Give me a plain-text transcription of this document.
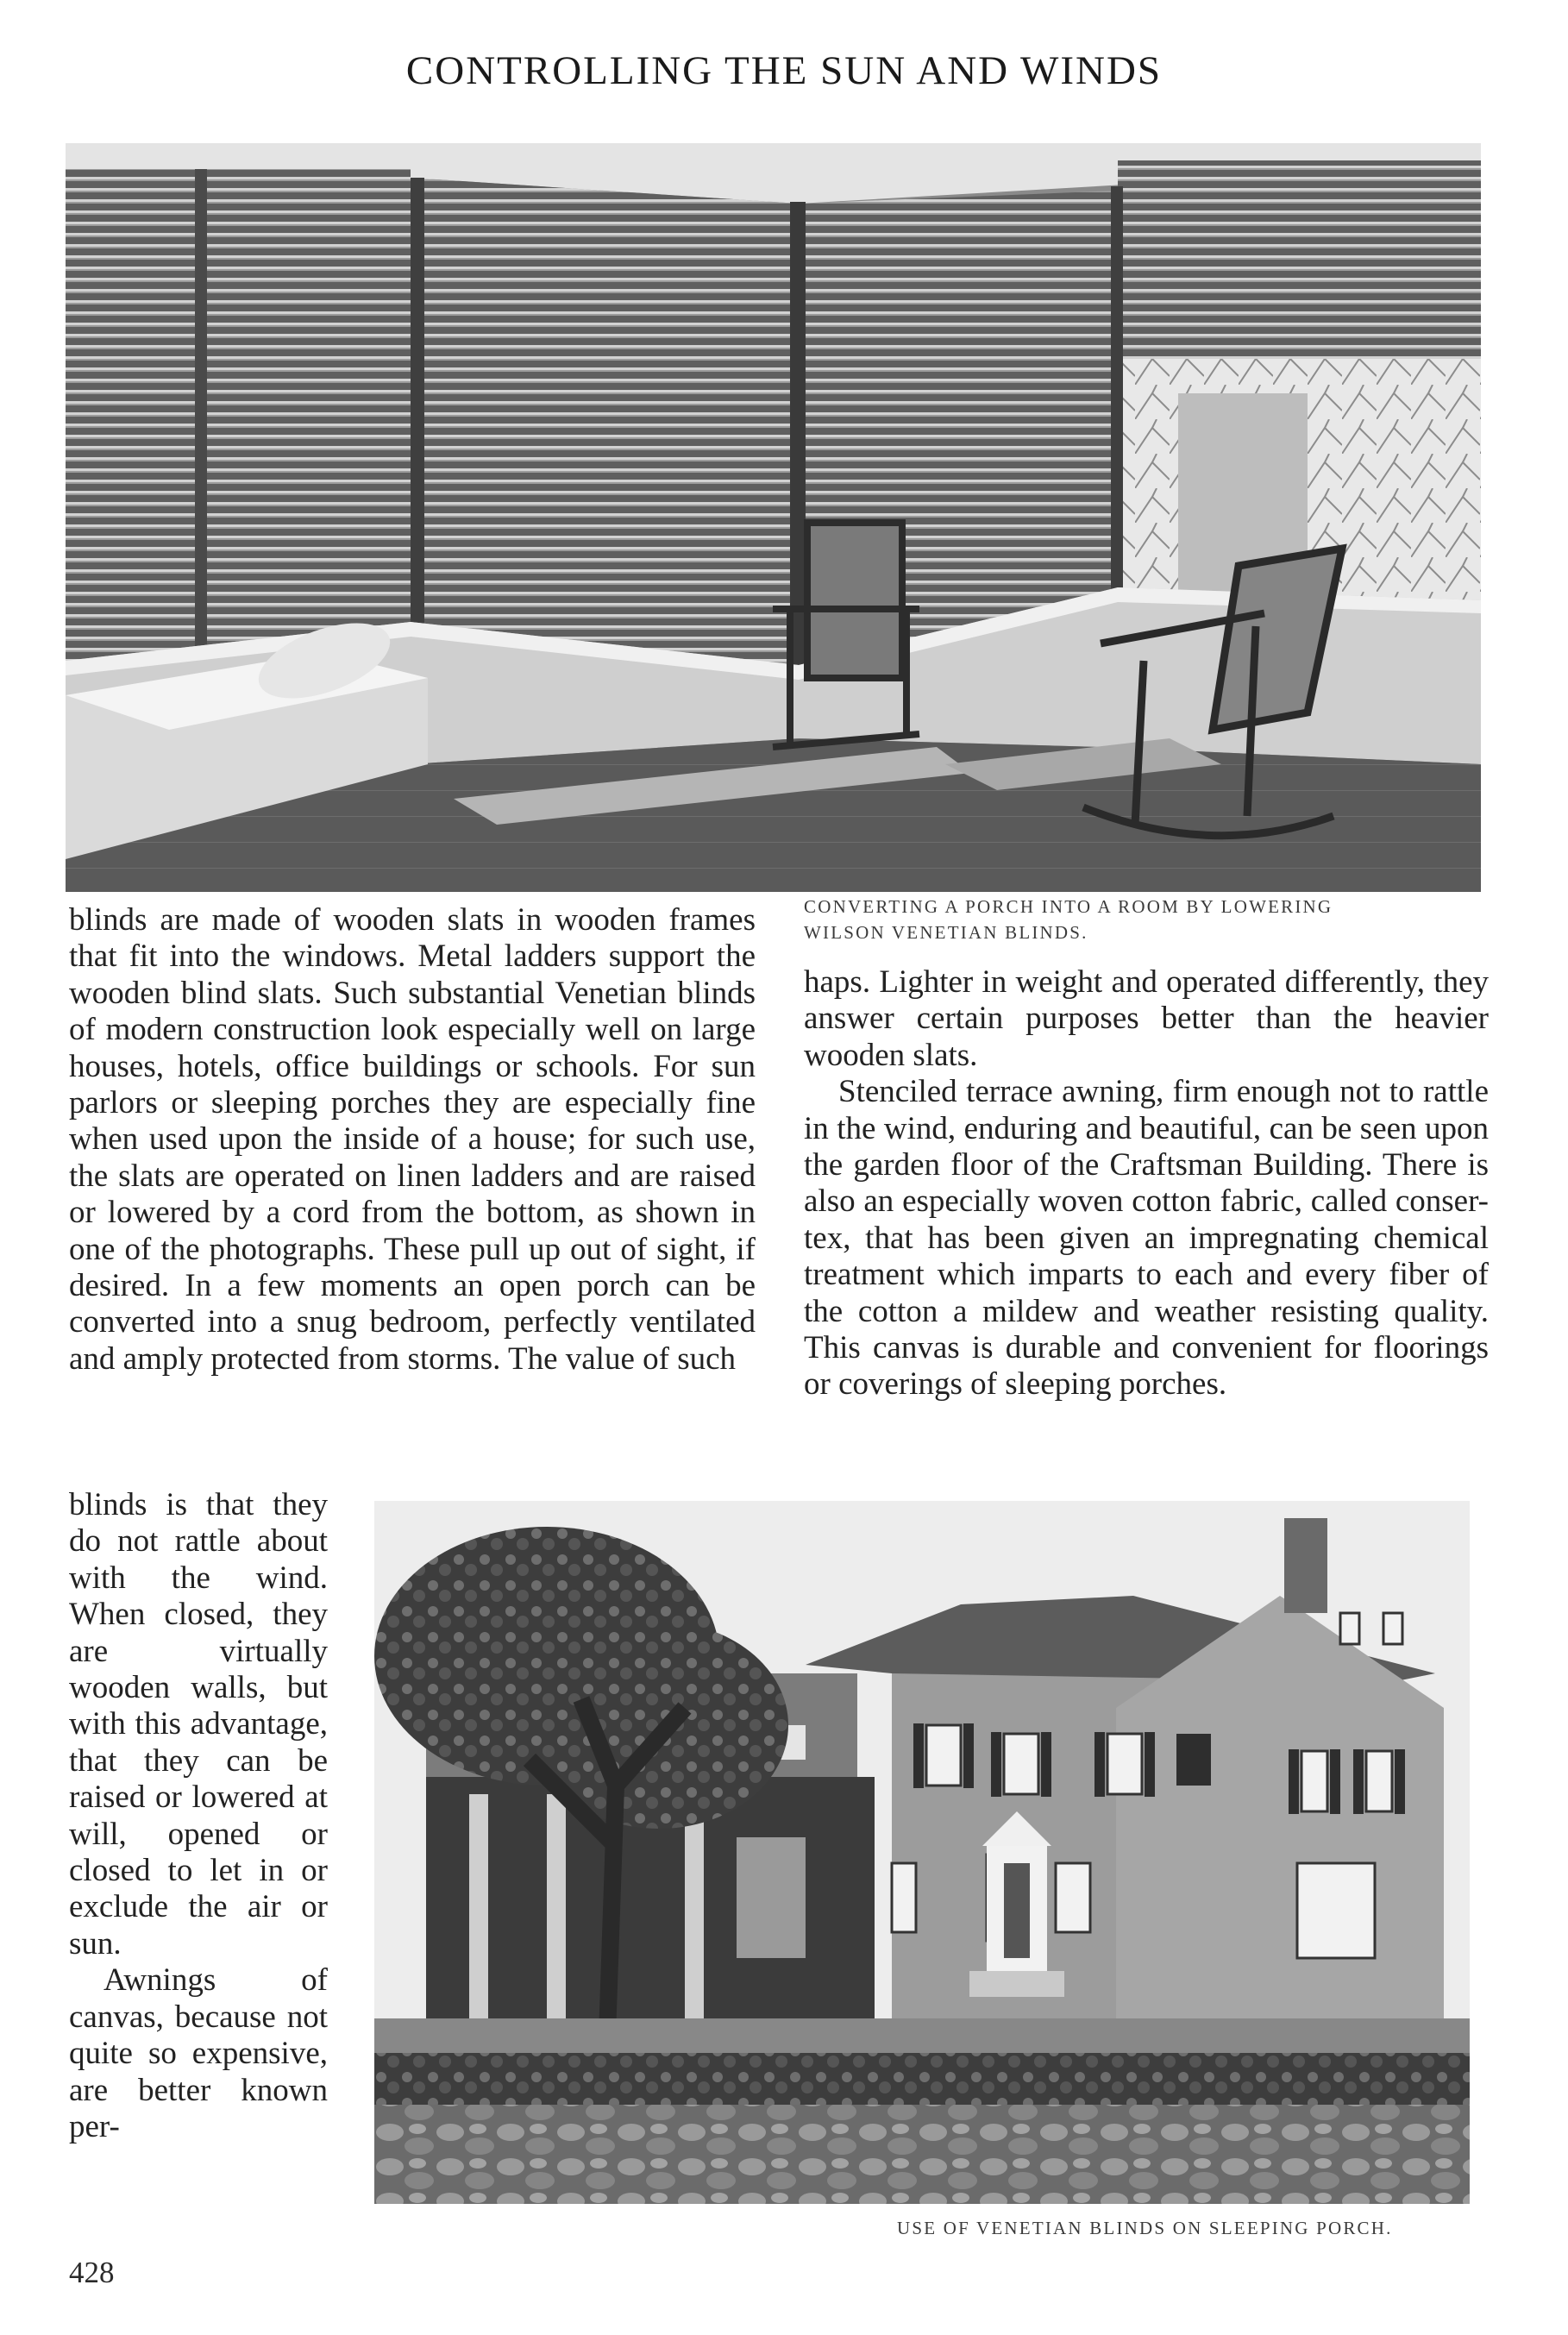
CONTROLLING THE SUN AND WINDS

blinds are made of wooden slats in wooden frames that fit into the windows. Metal ladders support the wooden blind slats. Such substantial Venetian blinds of modern construction look especially well on large houses, hotels, office buildings or schools. For sun parlors or sleeping porches they are especially fine when used upon the inside of a house; for such use, the slats are operated on linen ladders and are raised or lowered by a cord from the bottom, as shown in one of the photographs. These pull up out of sight, if desired. In a few moments an open porch can be converted into a snug bedroom, perfectly ventilated and amply protected from storms. The value of such

CONVERTING A PORCH INTO A ROOM BY LOWERING
WILSON VENETIAN BLINDS.

haps. Lighter in weight and operated differently, they answer certain purposes better than the heavier wooden slats.

Stenciled terrace awning, firm enough not to rattle in the wind, enduring and beautiful, can be seen upon the garden floor of the Craftsman Building. There is also an especially woven cotton fabric, called conser-tex, that has been given an impregnating chemical treatment which imparts to each and every fiber of the cotton a mildew and weather resisting quality. This canvas is durable and convenient for floorings or coverings of sleeping porches.

blinds is that they do not rattle about with the wind. When closed, they are virtually wooden walls, but with this advantage, that they can be raised or lowered at will, opened or closed to let in or exclude the air or sun.

Awnings of canvas, because not quite so expensive, are better known per-

USE OF VENETIAN BLINDS ON SLEEPING PORCH.
428
